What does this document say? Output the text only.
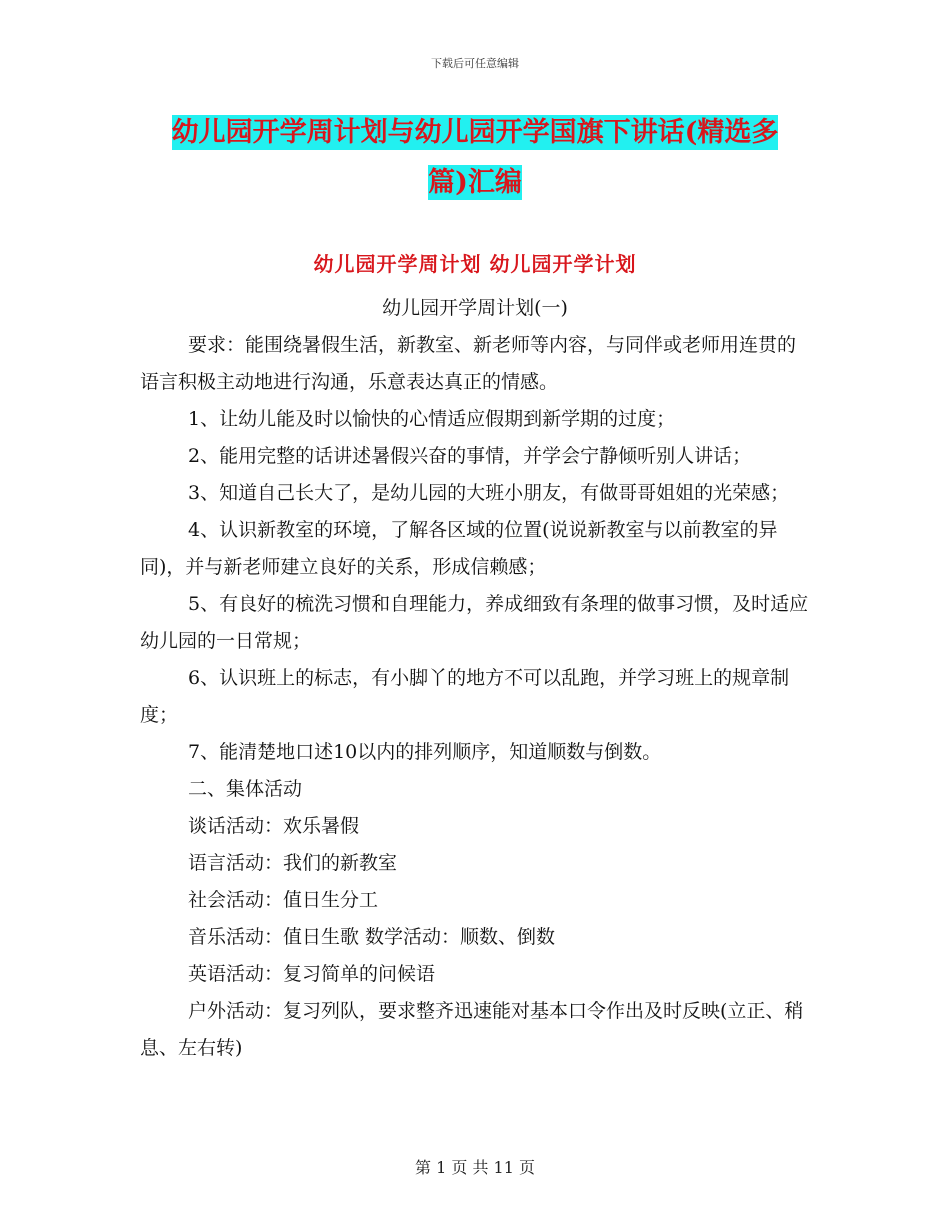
下载后可任意编辑
幼儿园开学周计划与幼儿园开学国旗下讲话(精选多
篇)汇编
幼儿园开学周计划 幼儿园开学计划

幼儿园开学周计划(一)

要求：能围绕暑假生活，新教室、新老师等内容，与同伴或老师用连贯的语言积极主动地进行沟通，乐意表达真正的情感。

1、让幼儿能及时以愉快的心情适应假期到新学期的过度；

2、能用完整的话讲述暑假兴奋的事情，并学会宁静倾听别人讲话；

3、知道自己长大了，是幼儿园的大班小朋友，有做哥哥姐姐的光荣感；

4、认识新教室的环境，了解各区域的位置(说说新教室与以前教室的异同)，并与新老师建立良好的关系，形成信赖感；

5、有良好的梳洗习惯和自理能力，养成细致有条理的做事习惯，及时适应幼儿园的一日常规；

6、认识班上的标志，有小脚丫的地方不可以乱跑，并学习班上的规章制度；

7、能清楚地口述10以内的排列顺序，知道顺数与倒数。

二、集体活动

谈话活动：欢乐暑假

语言活动：我们的新教室

社会活动：值日生分工

音乐活动：值日生歌 数学活动：顺数、倒数

英语活动：复习简单的问候语

户外活动：复习列队，要求整齐迅速能对基本口令作出及时反映(立正、稍息、左右转)

第 1 页 共 11 页
